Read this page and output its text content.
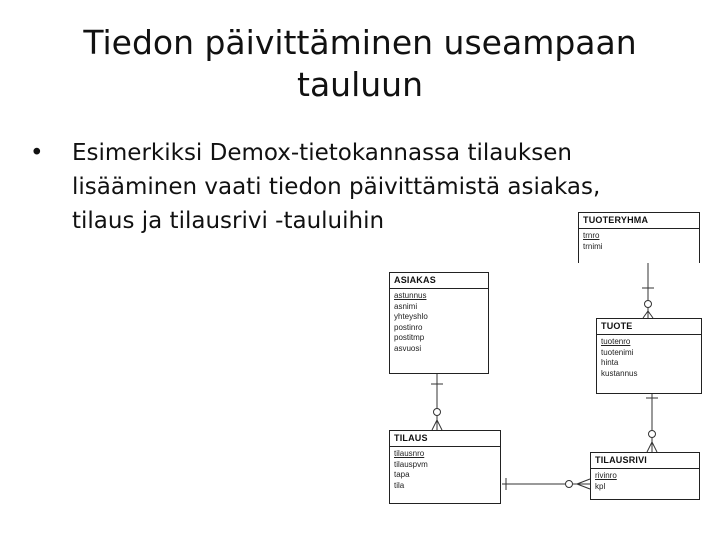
Tiedon päivittäminen useampaan
tauluun
• Esimerkiksi Demox-tietokannassa tilauksen
lisääminen vaati tiedon päivittämistä asiakas,
tilaus ja tilausrivi -tauluihin	TUOTERYHMA
trnro
trnimi
ASIAKAS
astunnus
asnimi
yhteyshlo
postinro
postitmp
asvuosi
TUOTE
tuotenro
tuotenimi
hinta
kustannus
TILAUS
tilausnro
tilauspvm
tapa
tila
TILAUSRIVI
rivinro
kpl
